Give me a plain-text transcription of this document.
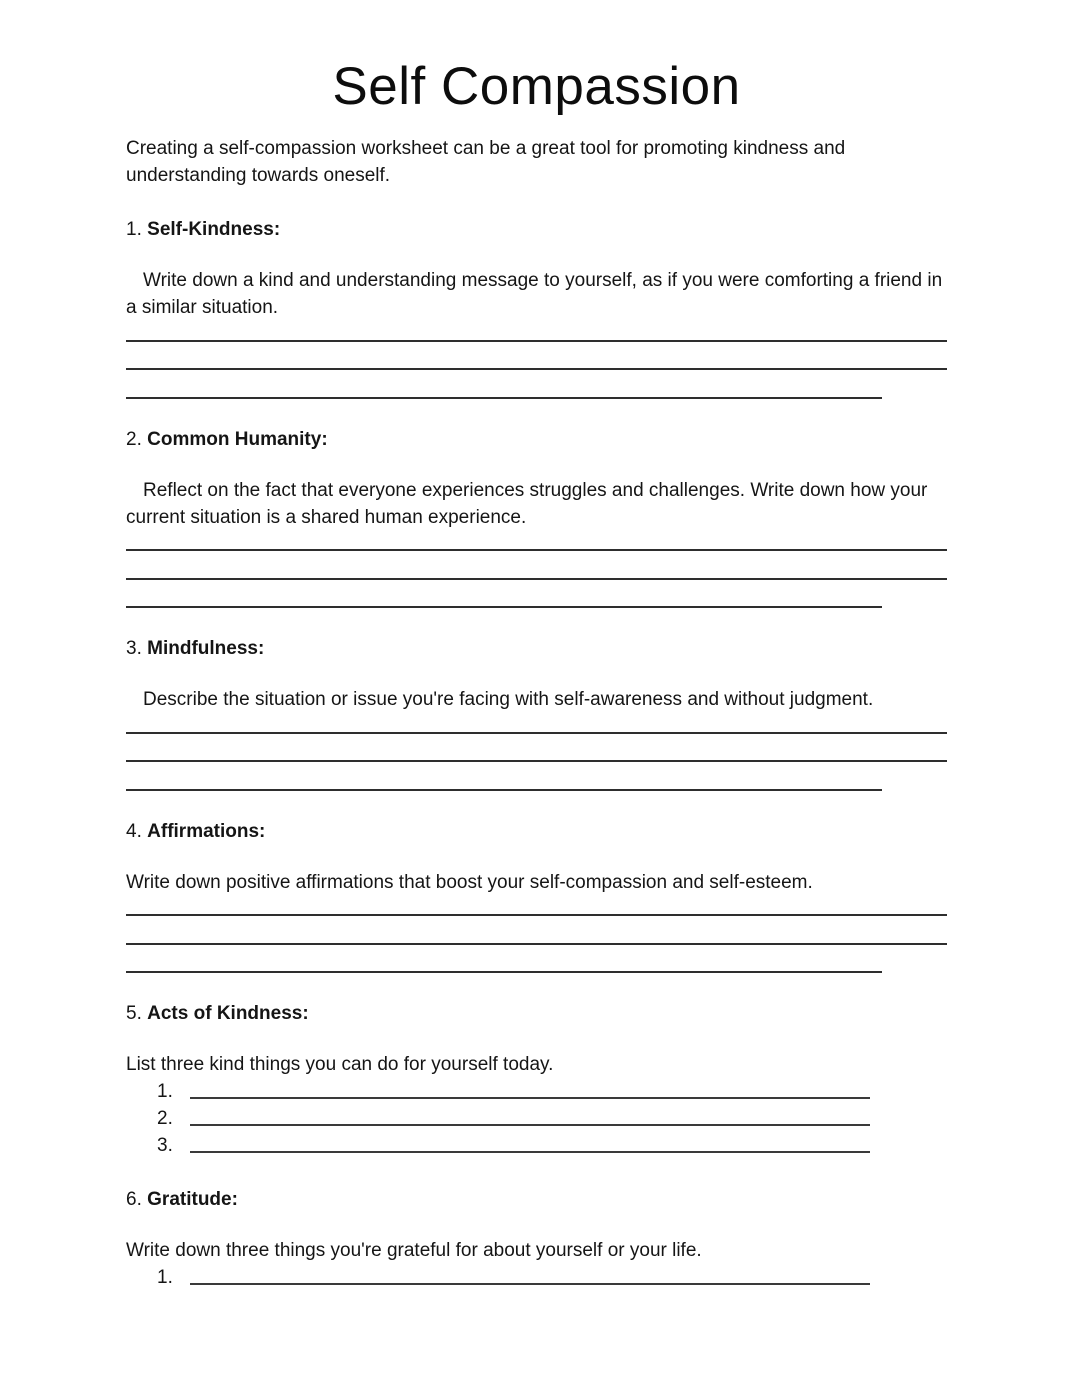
Self Compassion

Creating a self-compassion worksheet can be a great tool for promoting kindness and understanding towards oneself.

1. Self-Kindness:

Write down a kind and understanding message to yourself, as if you were comforting a friend in a similar situation.

2. Common Humanity:

Reflect on the fact that everyone experiences struggles and challenges. Write down how your current situation is a shared human experience.

3. Mindfulness:

Describe the situation or issue you're facing with self-awareness and without judgment.

4. Affirmations:

Write down positive affirmations that boost your self-compassion and self-esteem.

5. Acts of Kindness:

List three kind things you can do for yourself today.

1.
2.
3.
6. Gratitude:

Write down three things you're grateful for about yourself or your life.

1.
